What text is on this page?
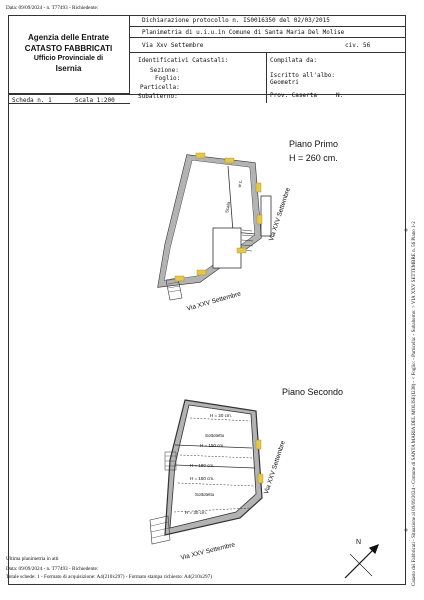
Data: 09/09/2024 - n. T77493 - Richiedente:
Agenzia delle Entrate
CATASTO FABBRICATI
Ufficio Provinciale di
Isernia
Dichiarazione protocollo n. IS0016350 del 02/03/2015
Planimetria di u.i.u.in Comune di Santa Maria Del Molise
Via Xxv Settembre	civ. 56
Identificativi Catastali:
Sezione:
Foglio:
Particella:
Subalterno:
Compilata da:
Iscritto all'albo:
Geometri
Prov. Caserta	N.
Scheda n. 1	Scala 1:200
N
Piano Primo
H = 260 cm.
Piano Secondo
w.c.
Scala
Via XXV Settembre
Via XXV Settembre
H = 20 cm.
Sottotetto
H = 150 cm.
H = 180 cm.
H = 150 cm.
Sottotetto
H = 30 cm.
Via XXV Settembre
Via XXV Settembre	Catasto dei Fabbricati - Situazione al 09/09/2024 - Comune di SANTA MARIA DEL MOLISE(I238) - < Foglio: - Particella: - Subalterno: > VIA XXV SETTEMBRE n. 56 Piano 1-2
Ultima planimetria in atti
Data: 09/09/2024 - n. T77493 - Richiedente:
Totale schede: 1 - Formato di acquisizione: A4(210x297) - Formato stampa richiesto: A4(210x297)
